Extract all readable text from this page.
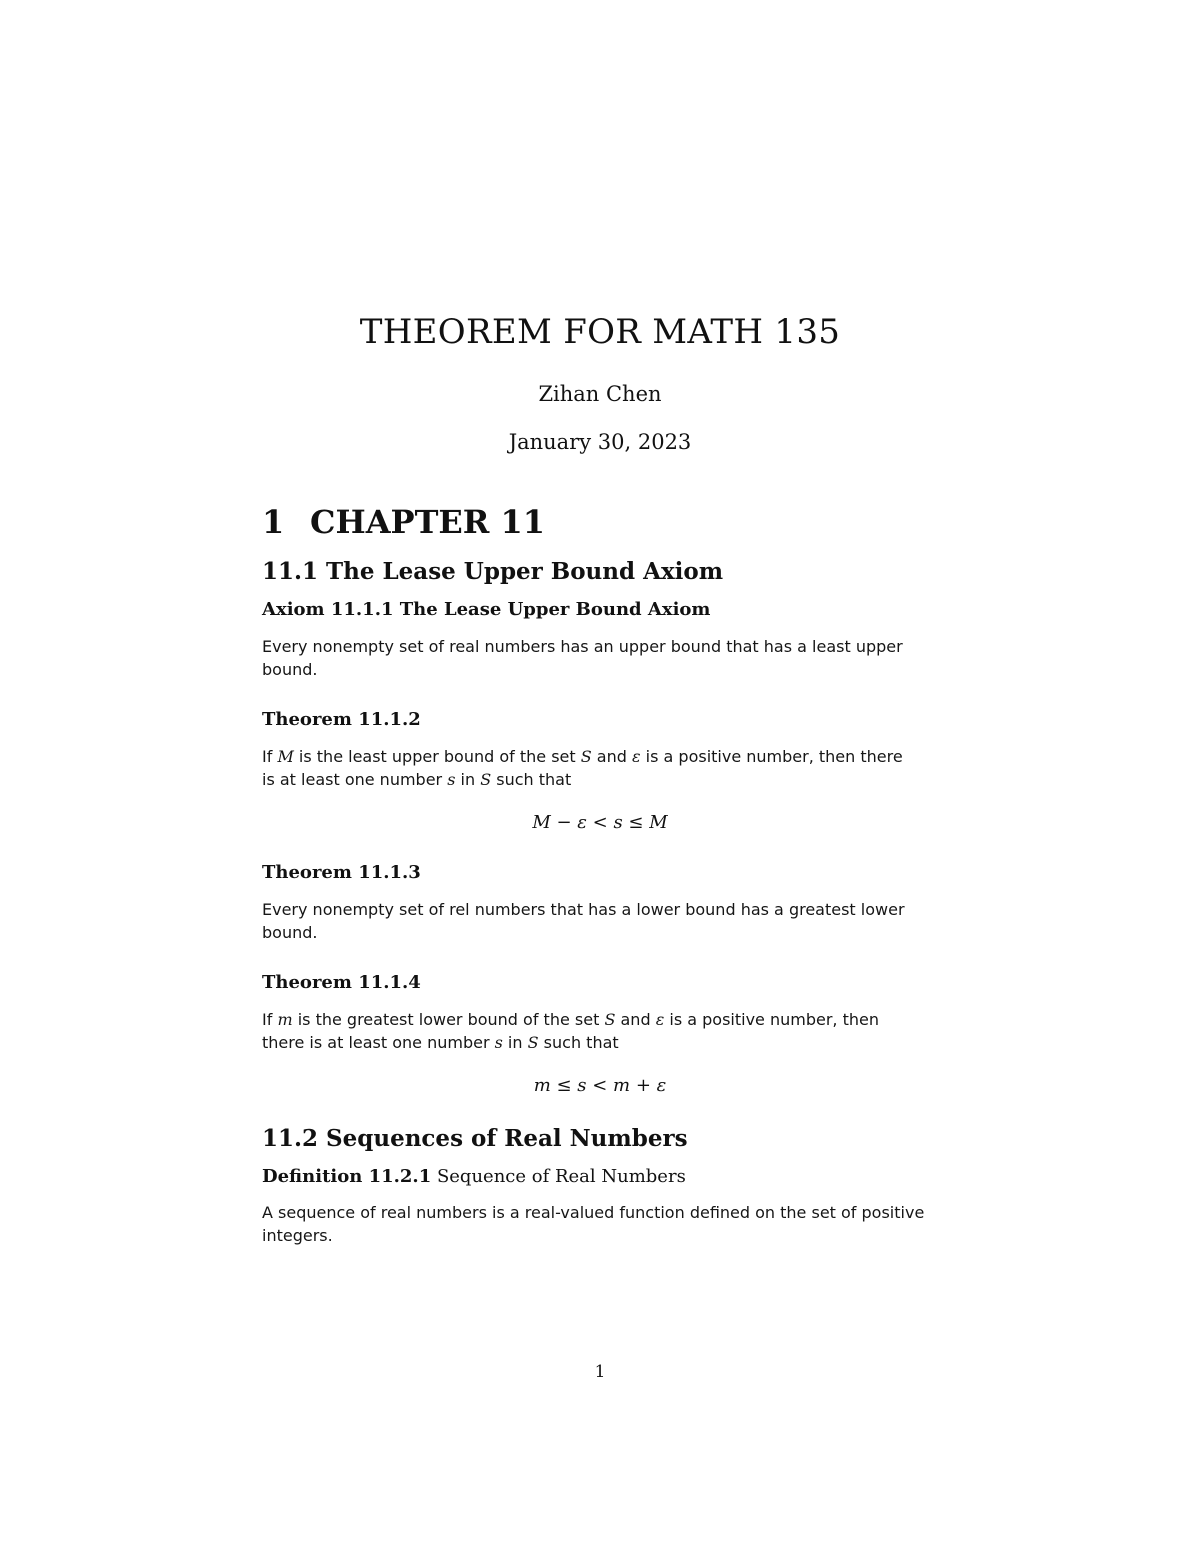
THEOREM FOR MATH 135
Zihan Chen
January 30, 2023
1 CHAPTER 11
11.1 The Lease Upper Bound Axiom
Axiom 11.1.1 The Lease Upper Bound Axiom
Every nonempty set of real numbers has an upper bound that has a least upper
bound.
Theorem 11.1.2
If M is the least upper bound of the set S and ε is a positive number, then there
is at least one number s in S such that
M − ε < s ≤ M
Theorem 11.1.3
Every nonempty set of rel numbers that has a lower bound has a greatest lower
bound.
Theorem 11.1.4
If m is the greatest lower bound of the set S and ε is a positive number, then
there is at least one number s in S such that
m ≤ s < m + ε
11.2 Sequences of Real Numbers
Definition 11.2.1 Sequence of Real Numbers
A sequence of real numbers is a real-valued function defined on the set of positive
integers.
1
